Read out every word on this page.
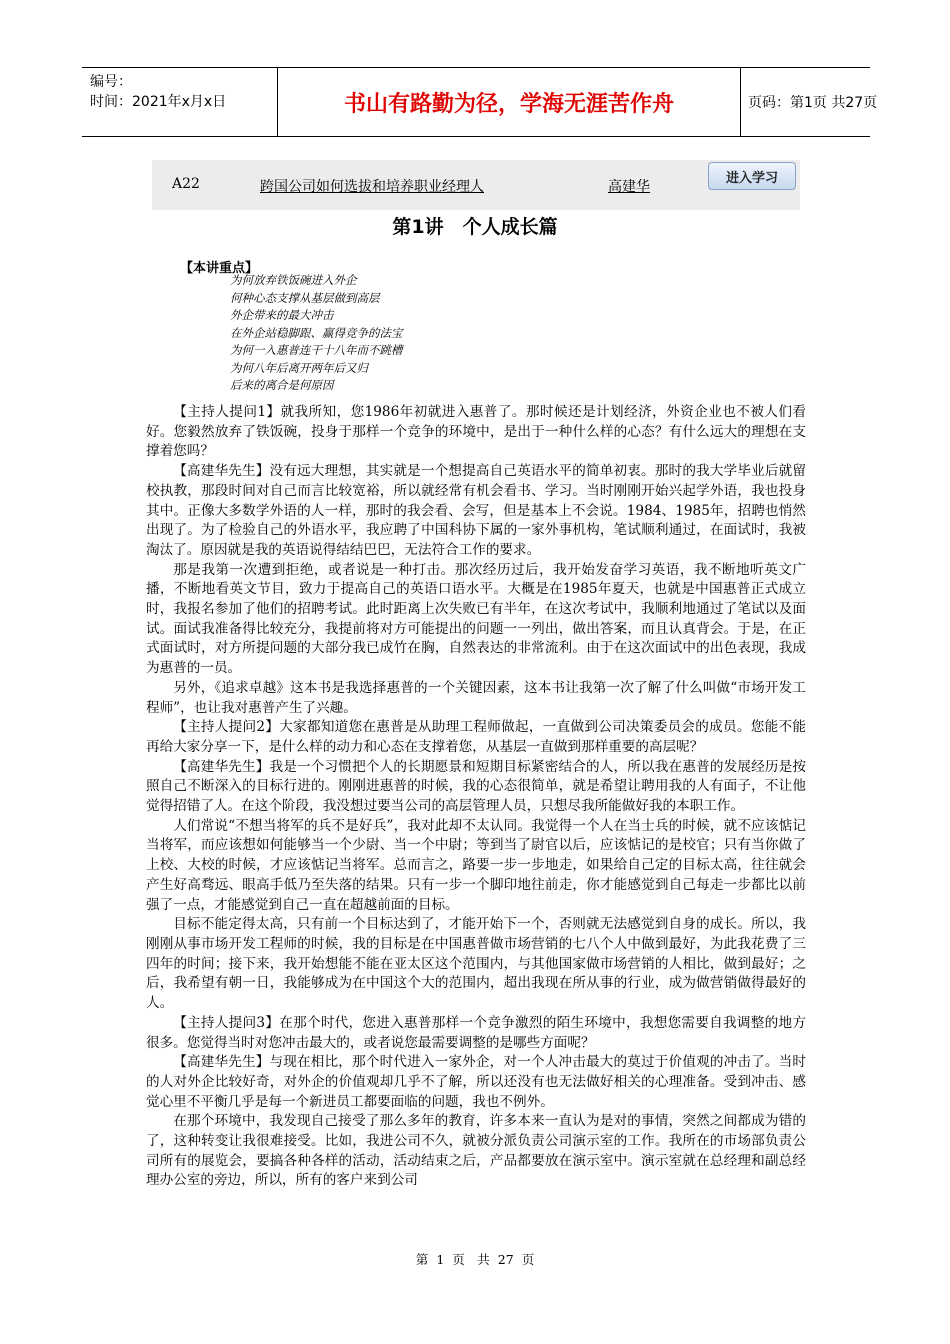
编号：
时间：2021年x月x日	书山有路勤为径，学海无涯苦作舟	页码：第1页 共27页
A22	跨国公司如何选拔和培养职业经理人	高建华
进入学习
第1讲　个人成长篇
【本讲重点】
为何放弃铁饭碗进入外企
何种心态支撑从基层做到高层
外企带来的最大冲击
在外企站稳脚跟、赢得竞争的法宝
为何一入惠普连干十八年而不跳槽
为何八年后离开两年后又归
后来的离合是何原因

【主持人提问1】就我所知，您1986年初就进入惠普了。那时候还是计划经济，外资企业也不被人们看好。您毅然放弃了铁饭碗，投身于那样一个竞争的环境中，是出于一种什么样的心态？有什么远大的理想在支撑着您吗？

【高建华先生】没有远大理想，其实就是一个想提高自己英语水平的简单初衷。那时的我大学毕业后就留校执教，那段时间对自己而言比较宽裕，所以就经常有机会看书、学习。当时刚刚开始兴起学外语，我也投身其中。正像大多数学外语的人一样，那时的我会看、会写，但是基本上不会说。1984、1985年，招聘也悄然出现了。为了检验自己的外语水平，我应聘了中国科协下属的一家外事机构，笔试顺利通过，在面试时，我被淘汰了。原因就是我的英语说得结结巴巴，无法符合工作的要求。

那是我第一次遭到拒绝，或者说是一种打击。那次经历过后，我开始发奋学习英语，我不断地听英文广播，不断地看英文节目，致力于提高自己的英语口语水平。大概是在1985年夏天，也就是中国惠普正式成立时，我报名参加了他们的招聘考试。此时距离上次失败已有半年，在这次考试中，我顺利地通过了笔试以及面试。面试我准备得比较充分，我提前将对方可能提出的问题一一列出，做出答案，而且认真背会。于是，在正式面试时，对方所提问题的大部分我已成竹在胸，自然表达的非常流利。由于在这次面试中的出色表现，我成为惠普的一员。

另外，《追求卓越》这本书是我选择惠普的一个关键因素，这本书让我第一次了解了什么叫做“市场开发工程师”，也让我对惠普产生了兴趣。

【主持人提问2】大家都知道您在惠普是从助理工程师做起，一直做到公司决策委员会的成员。您能不能再给大家分享一下，是什么样的动力和心态在支撑着您，从基层一直做到那样重要的高层呢？

【高建华先生】我是一个习惯把个人的长期愿景和短期目标紧密结合的人，所以我在惠普的发展经历是按照自己不断深入的目标行进的。刚刚进惠普的时候，我的心态很简单，就是希望让聘用我的人有面子，不让他觉得招错了人。在这个阶段，我没想过要当公司的高层管理人员，只想尽我所能做好我的本职工作。

人们常说“不想当将军的兵不是好兵”，我对此却不太认同。我觉得一个人在当士兵的时候，就不应该惦记当将军，而应该想如何能够当一个少尉、当一个中尉；等到当了尉官以后，应该惦记的是校官；只有当你做了上校、大校的时候，才应该惦记当将军。总而言之，路要一步一步地走，如果给自己定的目标太高，往往就会产生好高骛远、眼高手低乃至失落的结果。只有一步一个脚印地往前走，你才能感觉到自己每走一步都比以前强了一点，才能感觉到自己一直在超越前面的目标。

目标不能定得太高，只有前一个目标达到了，才能开始下一个，否则就无法感觉到自身的成长。所以，我刚刚从事市场开发工程师的时候，我的目标是在中国惠普做市场营销的七八个人中做到最好，为此我花费了三四年的时间；接下来，我开始想能不能在亚太区这个范围内，与其他国家做市场营销的人相比，做到最好；之后，我希望有朝一日，我能够成为在中国这个大的范围内，超出我现在所从事的行业，成为做营销做得最好的人。

【主持人提问3】在那个时代，您进入惠普那样一个竞争激烈的陌生环境中，我想您需要自我调整的地方很多。您觉得当时对您冲击最大的，或者说您最需要调整的是哪些方面呢？

【高建华先生】与现在相比，那个时代进入一家外企，对一个人冲击最大的莫过于价值观的冲击了。当时的人对外企比较好奇，对外企的价值观却几乎不了解，所以还没有也无法做好相关的心理准备。受到冲击、感觉心里不平衡几乎是每一个新进员工都要面临的问题，我也不例外。

在那个环境中，我发现自己接受了那么多年的教育，许多本来一直认为是对的事情，突然之间都成为错的了，这种转变让我很难接受。比如，我进公司不久，就被分派负责公司演示室的工作。我所在的市场部负责公司所有的展览会，要搞各种各样的活动，活动结束之后，产品都要放在演示室中。演示室就在总经理和副总经理办公室的旁边，所以，所有的客户来到公司

第 1 页　共 27 页
